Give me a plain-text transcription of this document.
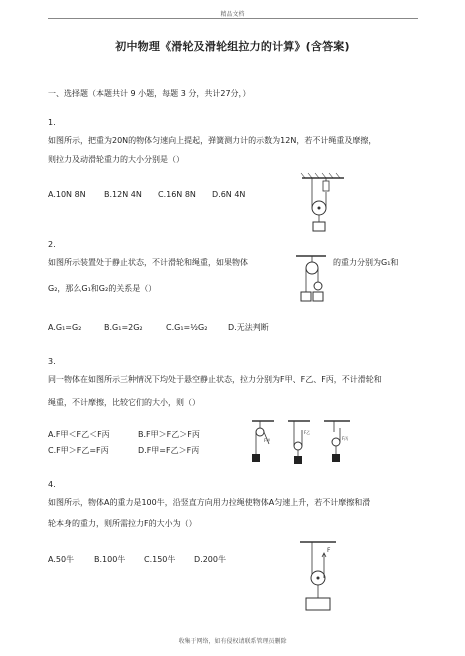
精品文档
初中物理《滑轮及滑轮组拉力的计算》(含答案)
一、选择题（本题共计 9 小题，每题 3 分，共计27分，）
1.
如图所示，把重为20N的物体匀速向上提起，弹簧测力计的示数为12N，若不计绳重及摩擦，
则拉力及动滑轮重力的大小分别是（）
A.10N 8N B.12N 4N C.16N 8N D.6N 4N
2.
如图所示装置处于静止状态，不计滑轮和绳重，如果物体	的重力分别为G₁和
G₂，那么G₁和G₂的关系是（）
A.G₁=G₂	B.G₁=2G₂	C.G₁=½G₂	D.无法判断
3.
同一物体在如图所示三种情况下均处于悬空静止状态，拉力分别为F甲、F乙、F丙，不计滑轮和
绳重，不计摩擦，比较它们的大小，则（）
A.F甲＜F乙＜F丙	B.F甲＞F乙＞F丙
C.F甲＞F乙=F丙	D.F甲=F乙＞F丙
F甲
F乙
F丙
4.
如图所示，物体A的重力是100牛，沿竖直方向用力拉绳使物体A匀速上升，若不计摩擦和滑
轮本身的重力，则所需拉力F的大小为（）
A.50牛 B.100牛 C.150牛 D.200牛
F
收集于网络，如有侵权请联系管理员删除
